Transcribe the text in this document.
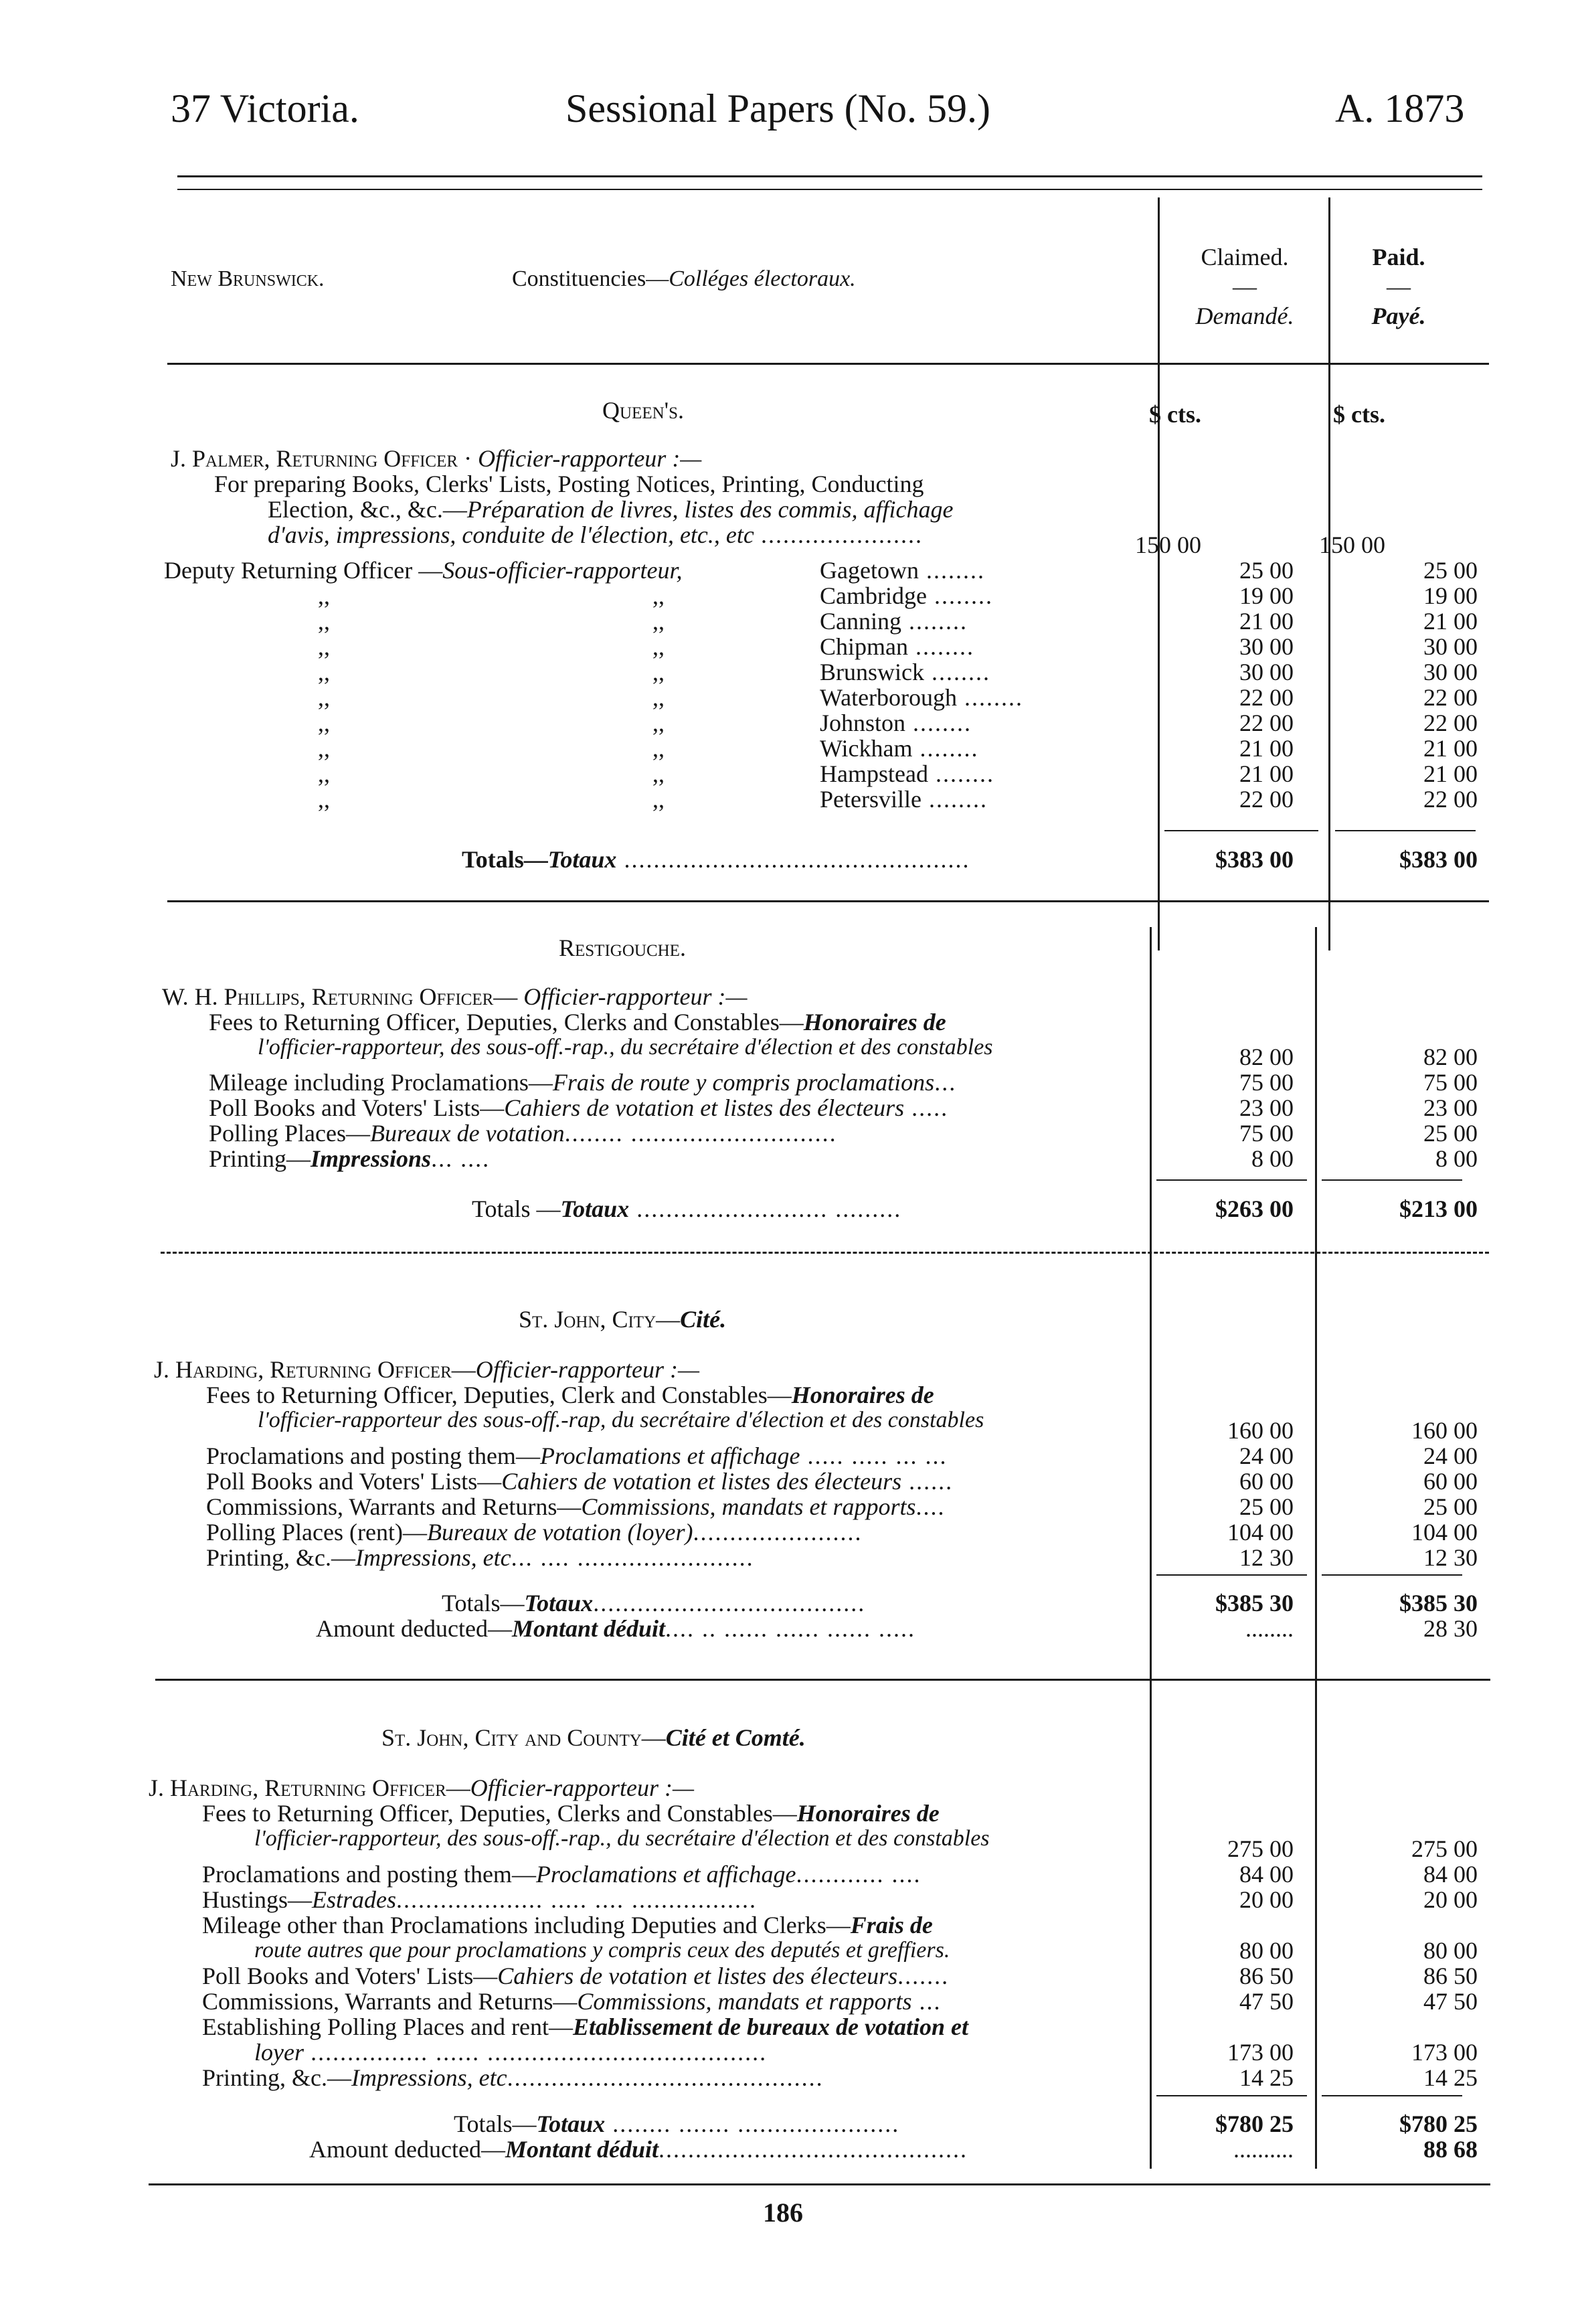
37 Victoria.	Sessional Papers (No. 59.)	A. 1873
New Brunswick.	Constituencies—Colléges électoraux.
Claimed.
—
Demandé.
Paid.
—
Payé.
Queen's.	$ cts.	$ cts.
J. Palmer, Returning Officer · Officier-rapporteur :—
For preparing Books, Clerks' Lists, Posting Notices, Printing, Conducting
Election, &c., &c.—Préparation de livres, listes des commis, affichage
d'avis, impressions, conduite de l'élection, etc., etc ......................	150 00	150 00
Deputy Returning Officer —Sous-officier-rapporteur,	Gagetown ........	25 00	25 00
,,	,,	Cambridge ........	19 00	19 00
,,	,,	Canning ........	21 00	21 00
,,	,,	Chipman ........	30 00	30 00
,,	,,	Brunswick ........	30 00	30 00
,,	,,	Waterborough ........	22 00	22 00
,,	,,	Johnston ........	22 00	22 00
,,	,,	Wickham ........	21 00	21 00
,,	,,	Hampstead ........	21 00	21 00
,,	,,	Petersville ........	22 00	22 00
Totals—Totaux ...............................................	$383 00	$383 00
Restigouche.
W. H. Phillips, Returning Officer— Officier-rapporteur :—
Fees to Returning Officer, Deputies, Clerks and Constables—Honoraires de
l'officier-rapporteur, des sous-off.-rap., du secrétaire d'élection et des constables	82 00	82 00
Mileage including Proclamations—Frais de route y compris proclamations...	75 00	75 00
Poll Books and Voters' Lists—Cahiers de votation et listes des électeurs .....	23 00	23 00
Polling Places—Bureaux de votation........ ............................	75 00	25 00
Printing—Impressions... ....	8 00	8 00
Totals —Totaux .......................... .........	$263 00	$213 00
St. John, City—Cité.
J. Harding, Returning Officer—Officier-rapporteur :—
Fees to Returning Officer, Deputies, Clerk and Constables—Honoraires de
l'officier-rapporteur des sous-off.-rap, du secrétaire d'élection et des constables	160 00	160 00
Proclamations and posting them—Proclamations et affichage ..... ..... ... ...	24 00	24 00
Poll Books and Voters' Lists—Cahiers de votation et listes des électeurs ......	60 00	60 00
Commissions, Warrants and Returns—Commissions, mandats et rapports....	25 00	25 00
Polling Places (rent)—Bureaux de votation (loyer).......................	104 00	104 00
Printing, &c.—Impressions, etc... .... ........................	12 30	12 30
Totals—Totaux.....................................	$385 30	$385 30
Amount deducted—Montant déduit.... .. ...... ...... ...... .....	........	28 30
St. John, City and County—Cité et Comté.
J. Harding, Returning Officer—Officier-rapporteur :—
Fees to Returning Officer, Deputies, Clerks and Constables—Honoraires de
l'officier-rapporteur, des sous-off.-rap., du secrétaire d'élection et des constables	275 00	275 00
Proclamations and posting them—Proclamations et affichage............ ....	84 00	84 00
Hustings—Estrades.................... ..... .... .................	20 00	20 00
Mileage other than Proclamations including Deputies and Clerks—Frais de
route autres que pour proclamations y compris ceux des deputés et greffiers.	80 00	80 00
Poll Books and Voters' Lists—Cahiers de votation et listes des électeurs.......	86 50	86 50
Commissions, Warrants and Returns—Commissions, mandats et rapports ...	47 50	47 50
Establishing Polling Places and rent—Etablissement de bureaux de votation et
loyer ................ ...... ......................................	173 00	173 00
Printing, &c.—Impressions, etc...........................................	14 25	14 25
Totals—Totaux ........ ....... ......................	$780 25	$780 25
Amount deducted—Montant déduit..........................................	..........	88 68
186
